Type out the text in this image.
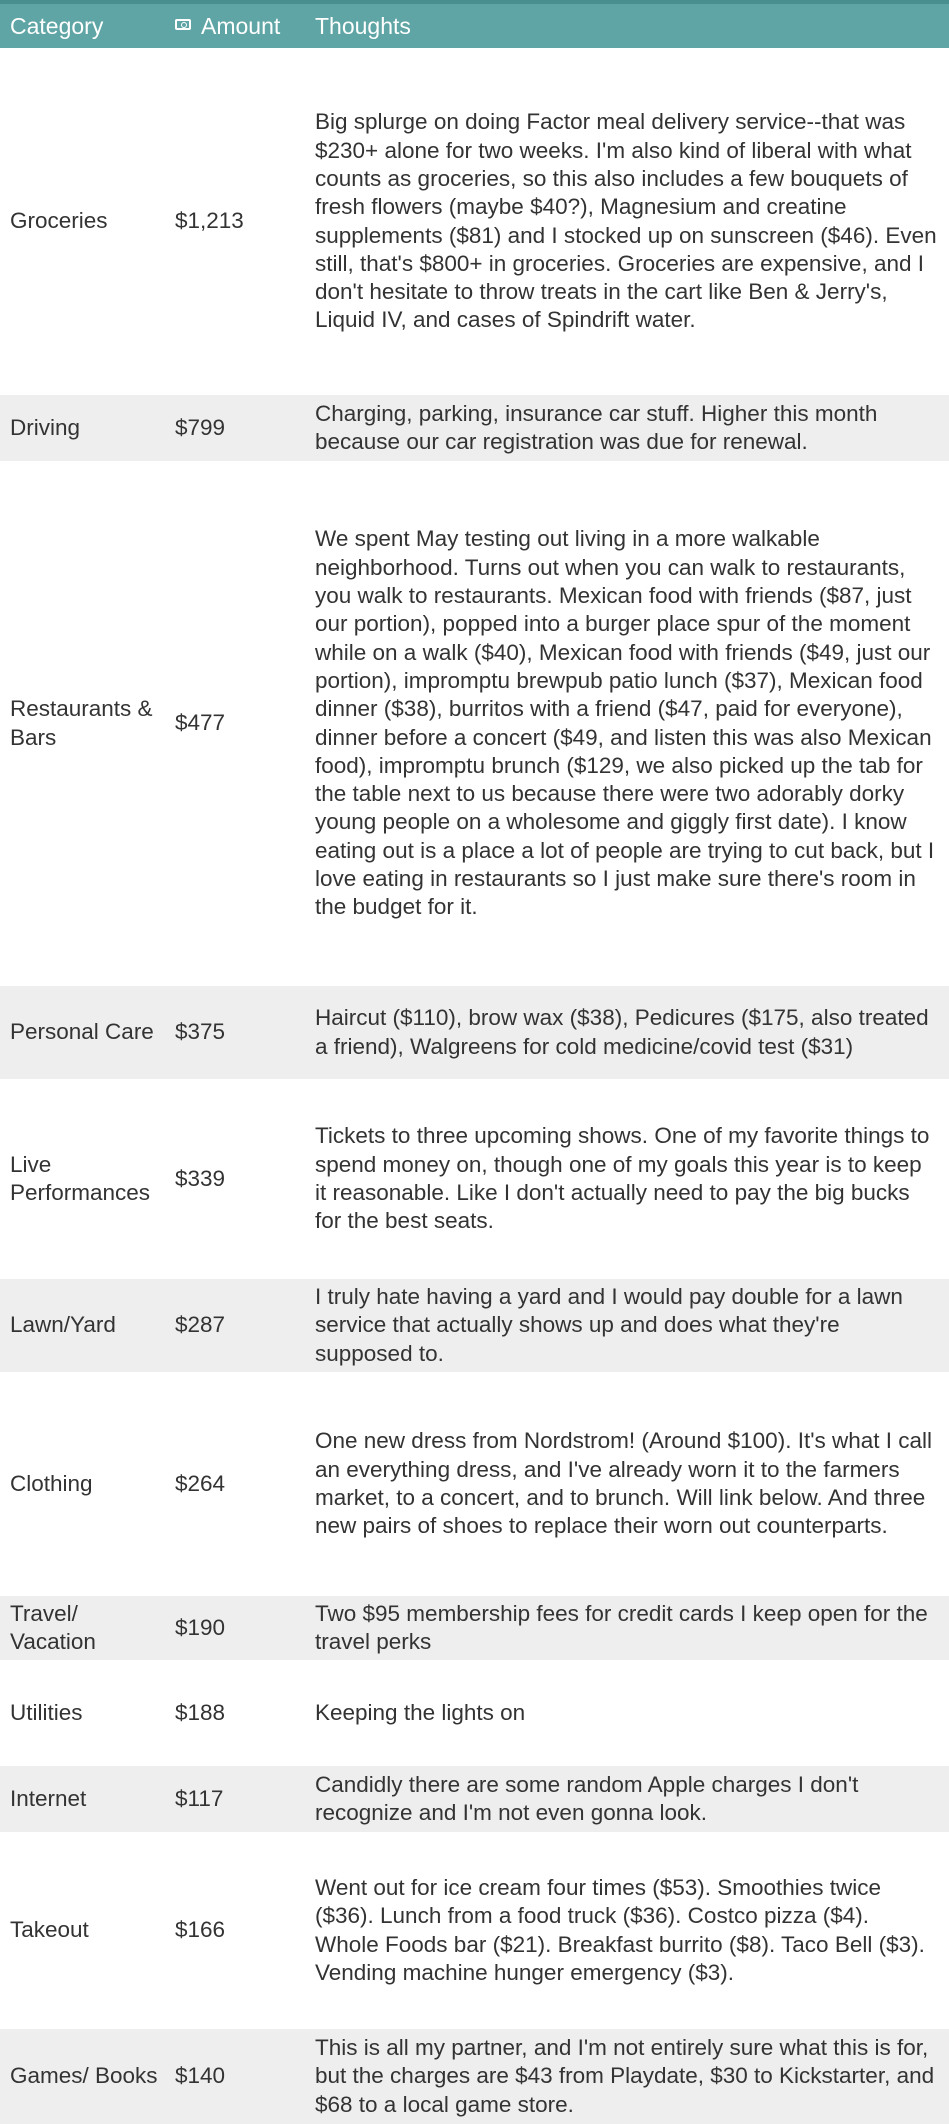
Category	Amount	Thoughts
Groceries	$1,213	Big splurge on doing Factor meal delivery service--that was $230+ alone for two weeks. I'm also kind of liberal with what counts as groceries, so this also includes a few bouquets of fresh flowers (maybe $40?), Magnesium and creatine supplements ($81) and I stocked up on sunscreen ($46). Even still, that's $800+ in groceries. Groceries are expensive, and I don't hesitate to throw treats in the cart like Ben & Jerry's, Liquid IV, and cases of Spindrift water.
Driving	$799	Charging, parking, insurance car stuff. Higher this month because our car registration was due for renewal.
Restaurants & Bars	$477	We spent May testing out living in a more walkable neighborhood. Turns out when you can walk to restaurants, you walk to restaurants. Mexican food with friends ($87, just our portion), popped into a burger place spur of the moment while on a walk ($40), Mexican food with friends ($49, just our portion), impromptu brewpub patio lunch ($37), Mexican food dinner ($38), burritos with a friend ($47, paid for everyone), dinner before a concert ($49, and listen this was also Mexican food), impromptu brunch ($129, we also picked up the tab for the table next to us because there were two adorably dorky young people on a wholesome and giggly first date). I know eating out is a place a lot of people are trying to cut back, but I love eating in restaurants so I just make sure there's room in the budget for it.
Personal Care	$375	Haircut ($110), brow wax ($38), Pedicures ($175, also treated a friend), Walgreens for cold medicine/covid test ($31)
Live Performances	$339	Tickets to three upcoming shows. One of my favorite things to spend money on, though one of my goals this year is to keep it reasonable. Like I don't actually need to pay the big bucks for the best seats.
Lawn/Yard	$287	I truly hate having a yard and I would pay double for a lawn service that actually shows up and does what they're supposed to.
Clothing	$264	One new dress from Nordstrom! (Around $100). It's what I call an everything dress, and I've already worn it to the farmers market, to a concert, and to brunch. Will link below. And three new pairs of shoes to replace their worn out counterparts.
Travel/ Vacation	$190	Two $95 membership fees for credit cards I keep open for the travel perks
Utilities	$188	Keeping the lights on
Internet	$117	Candidly there are some random Apple charges I don't recognize and I'm not even gonna look.
Takeout	$166	Went out for ice cream four times ($53). Smoothies twice ($36). Lunch from a food truck ($36). Costco pizza ($4). Whole Foods bar ($21). Breakfast burrito ($8). Taco Bell ($3). Vending machine hunger emergency ($3).
Games/ Books	$140	This is all my partner, and I'm not entirely sure what this is for, but the charges are $43 from Playdate, $30 to Kickstarter, and $68 to a local game store.
